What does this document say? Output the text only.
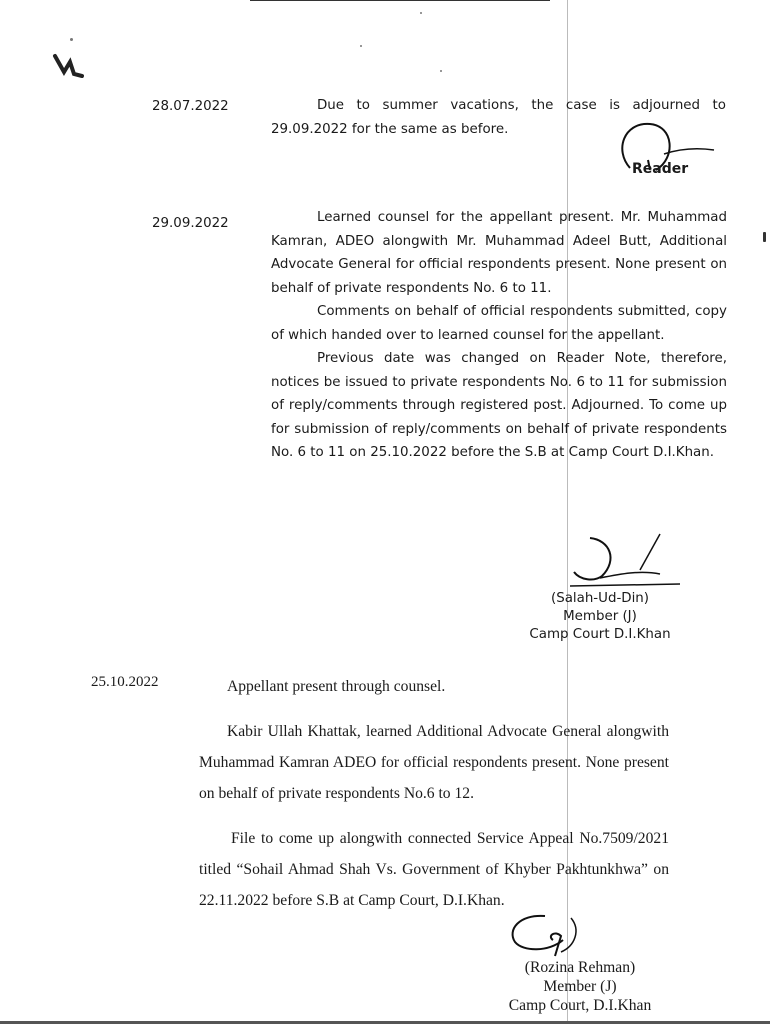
28.07.2022	Due to summer vacations, the case is adjourned to 29.09.2022 for the same as before.

Reader
29.09.2022	Learned counsel for the appellant present. Mr. Muhammad Kamran, ADEO alongwith Mr. Muhammad Adeel Butt, Additional Advocate General for official respondents present. None present on behalf of private respondents No. 6 to 11.

Comments on behalf of official respondents submitted, copy of which handed over to learned counsel for the appellant.

Previous date was changed on Reader Note, therefore, notices be issued to private respondents No. 6 to 11 for submission of reply/comments through registered post. Adjourned. To come up for submission of reply/comments on behalf of private respondents No. 6 to 11 on 25.10.2022 before the S.B at Camp Court D.I.Khan.

(Salah-Ud-Din)
Member (J)
Camp Court D.I.Khan
25.10.2022	Appellant present through counsel.

Kabir Ullah Khattak, learned Additional Advocate General alongwith Muhammad Kamran ADEO for official respondents present. None present on behalf of private respondents No.6 to 12.

File to come up alongwith connected Service Appeal No.7509/2021 titled “Sohail Ahmad Shah Vs. Government of Khyber Pakhtunkhwa” on 22.11.2022 before S.B at Camp Court, D.I.Khan.

(Rozina Rehman)
Member (J)
Camp Court, D.I.Khan
